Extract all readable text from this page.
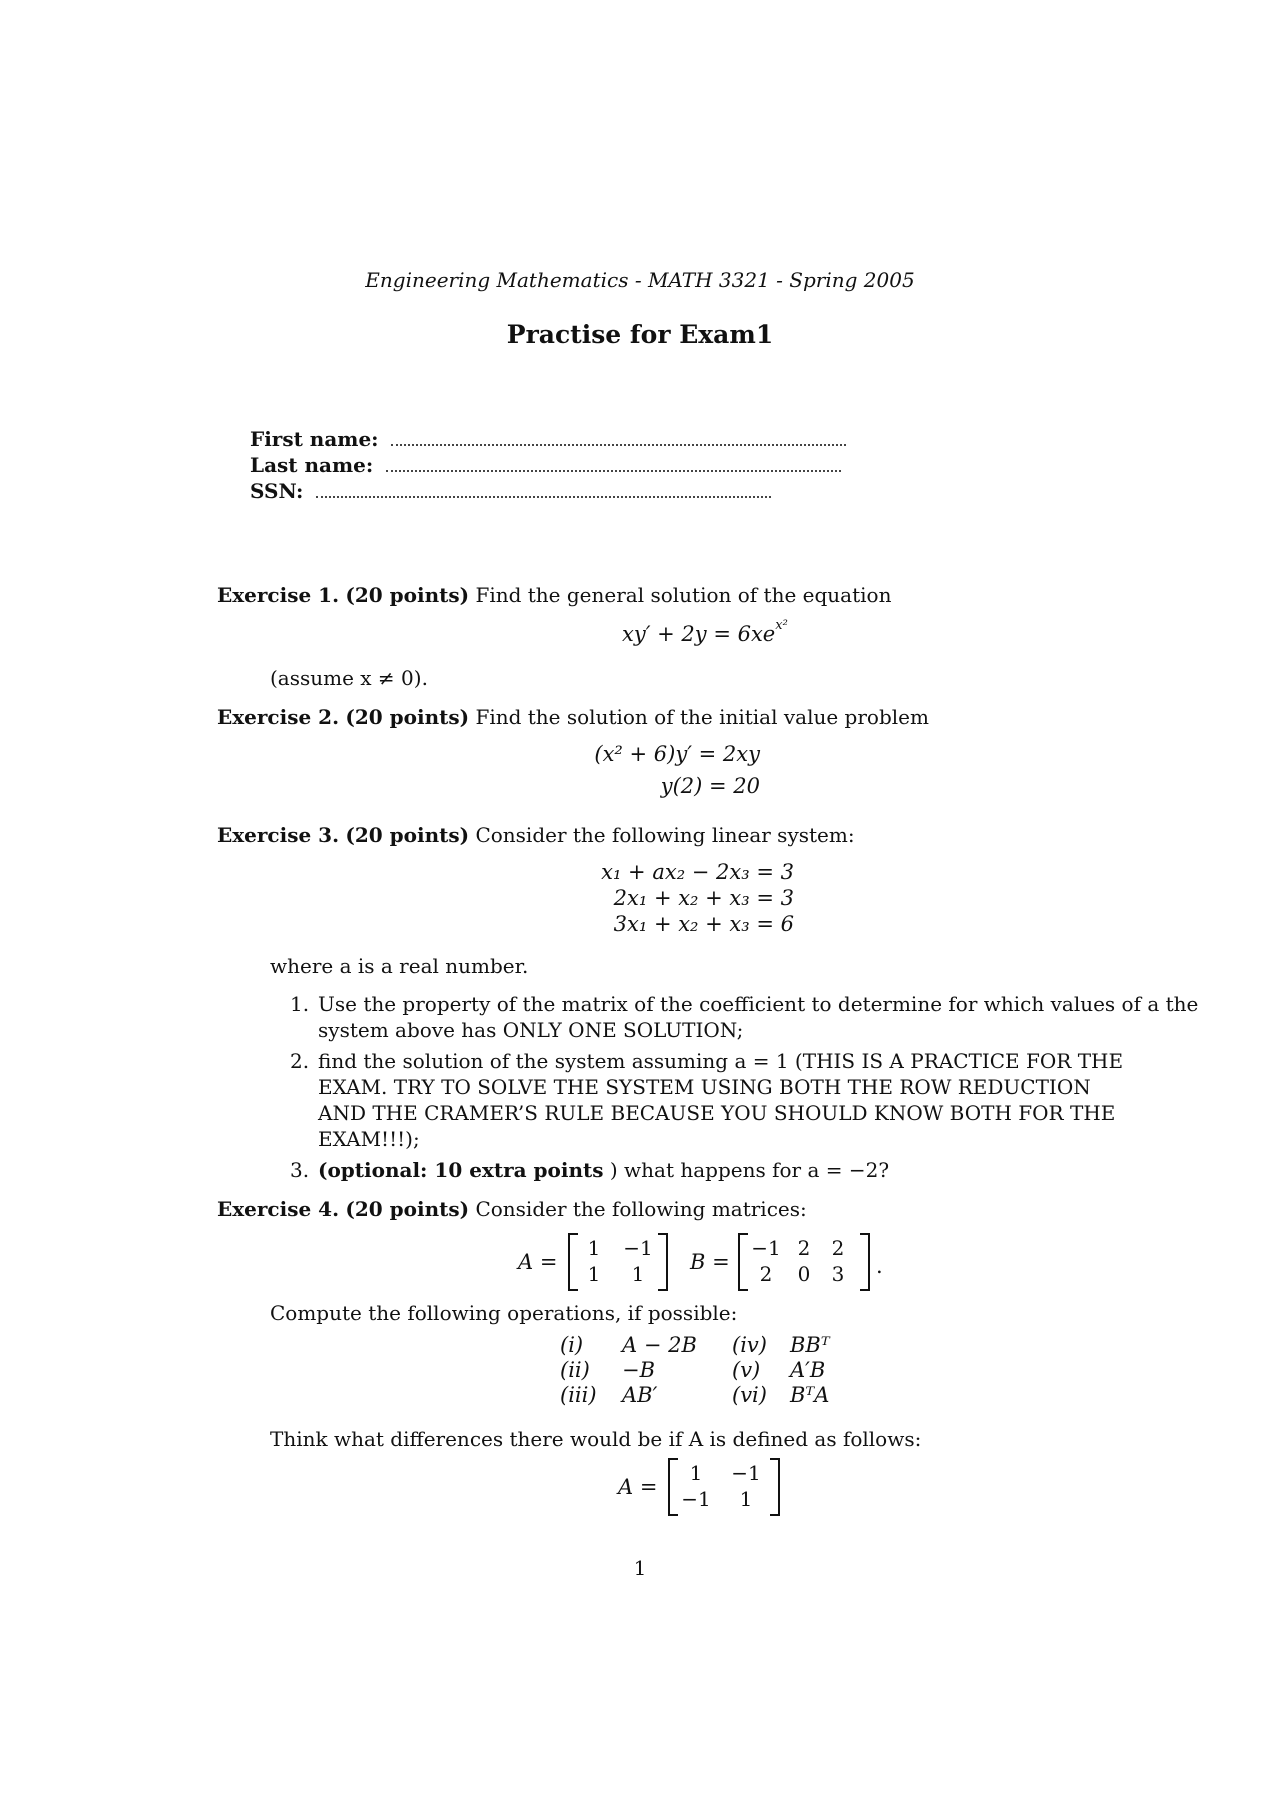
Engineering Mathematics - MATH 3321 - Spring 2005
Practise for Exam1
First name:
Last name:
SSN:
Exercise 1. (20 points) Find the general solution of the equation
$xy' + 2y = 6xe^{x^2}$
(assume x ≠ 0).
Exercise 2. (20 points) Find the solution of the initial value problem
(x² + 6)y′ = 2xy
y(2) = 20
Exercise 3. (20 points) Consider the following linear system:
x₁ + ax₂ − 2x₃ = 3
2x₁ + x₂ + x₃ = 3
3x₁ + x₂ + x₃ = 6
where a is a real number.
1. Use the property of the matrix of the coefficient to determine for which values of a the
system above has ONLY ONE SOLUTION;
2. find the solution of the system assuming a = 1 (THIS IS A PRACTICE FOR THE
EXAM. TRY TO SOLVE THE SYSTEM USING BOTH THE ROW REDUCTION
AND THE CRAMER’S RULE BECAUSE YOU SHOULD KNOW BOTH FOR THE
EXAM!!!);
3. (optional: 10 extra points ) what happens for a = −2?
Exercise 4. (20 points) Consider the following matrices:
A =
1	−1
1	1	B =
−1 2	2
2	0	3	.
Compute the following operations, if possible:
(i) A − 2B
(ii) −B
(iii) AB′
(iv) BBᵀ
(v) A′B
(vi) BᵀA
Think what differences there would be if A is defined as follows:
A =
1	−1
−1	1
1
